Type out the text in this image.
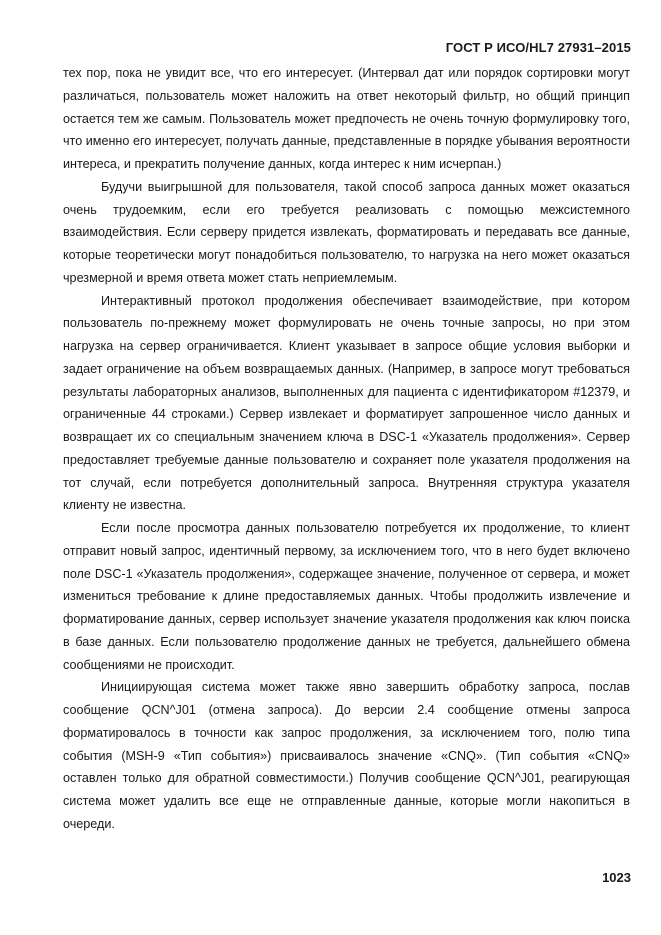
ГОСТ Р ИСО/HL7 27931–2015

тех пор, пока не увидит все, что его интересует. (Интервал дат или порядок сортировки могут различаться, пользователь может наложить на ответ некоторый фильтр, но общий принцип остается тем же самым. Пользователь может предпочесть не очень точную формулировку того, что именно его интересует, получать данные, представленные в порядке убывания вероятности интереса, и прекратить получение данных, когда интерес к ним исчерпан.)

Будучи выигрышной для пользователя, такой способ запроса данных может оказаться очень трудоемким, если его требуется реализовать с помощью межсистемного взаимодействия. Если серверу придется извлекать, форматировать и передавать все данные, которые теоретически могут понадобиться пользователю, то нагрузка на него может оказаться чрезмерной и время ответа может стать неприемлемым.

Интерактивный протокол продолжения обеспечивает взаимодействие, при котором пользователь по-прежнему может формулировать не очень точные запросы, но при этом нагрузка на сервер ограничивается. Клиент указывает в запросе общие условия выборки и задает ограничение на объем возвращаемых данных. (Например, в запросе могут требоваться результаты лабораторных анализов, выполненных для пациента с идентификатором #12379, и ограниченные 44 строками.) Сервер извлекает и форматирует запрошенное число данных и возвращает их со специальным значением ключа в DSC-1 «Указатель продолжения». Сервер предоставляет требуемые данные пользователю и сохраняет поле указателя продолжения на тот случай, если потребуется дополнительный запроса. Внутренняя структура указателя клиенту не известна.

Если после просмотра данных пользователю потребуется их продолжение, то клиент отправит новый запрос, идентичный первому, за исключением того, что в него будет включено поле DSC-1 «Указатель продолжения», содержащее значение, полученное от сервера, и может измениться требование к длине предоставляемых данных. Чтобы продолжить извлечение и форматирование данных, сервер использует значение указателя продолжения как ключ поиска в базе данных. Если пользователю продолжение данных не требуется, дальнейшего обмена сообщениями не происходит.

Инициирующая система может также явно завершить обработку запроса, послав сообщение QCN^J01 (отмена запроса). До версии 2.4 сообщение отмены запроса форматировалось в точности как запрос продолжения, за исключением того, полю типа события (MSH-9 «Тип события») присваивалось значение «CNQ». (Тип события «CNQ» оставлен только для обратной совместимости.) Получив сообщение QCN^J01, реагирующая система может удалить все еще не отправленные данные, которые могли накопиться в очереди.

1023
